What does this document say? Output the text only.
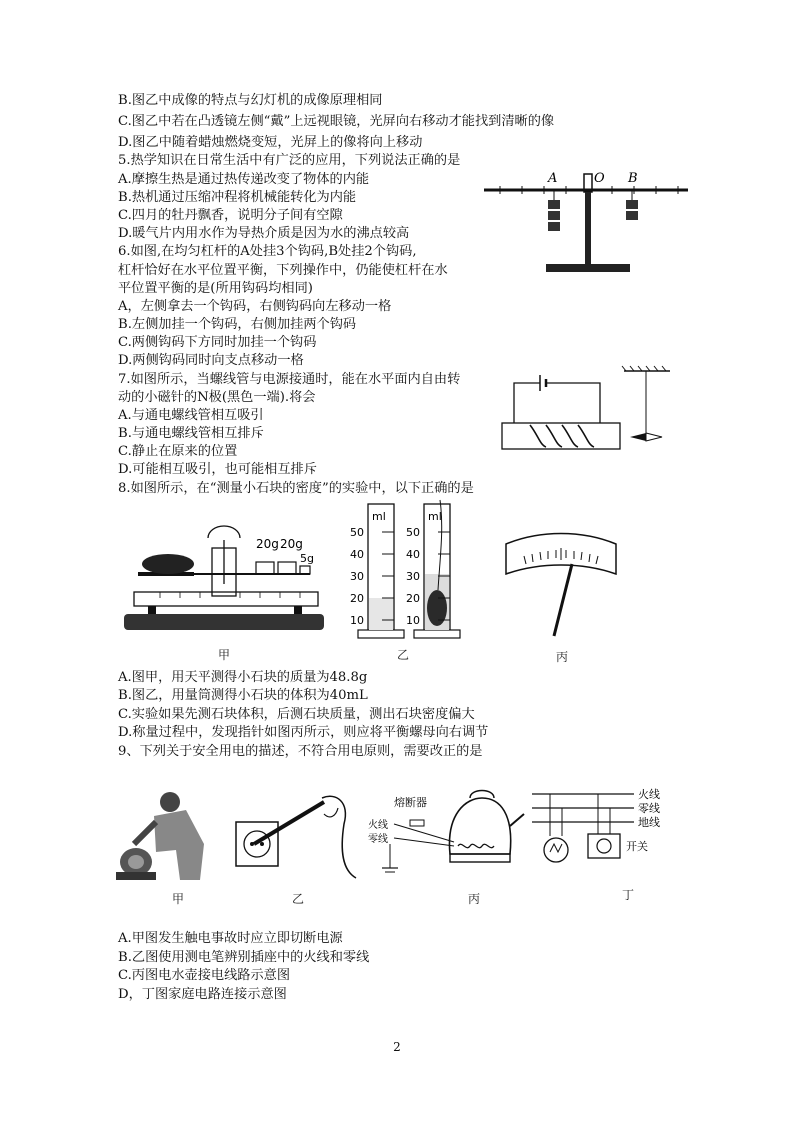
B.图乙中成像的特点与幻灯机的成像原理相同
C.图乙中若在凸透镜左侧“戴”上远视眼镜，光屏向右移动才能找到清晰的像
D.图乙中随着蜡烛燃烧变短，光屏上的像将向上移动
5.热学知识在日常生活中有广泛的应用，下列说法正确的是
A.摩擦生热是通过热传递改变了物体的内能
B.热机通过压缩冲程将机械能转化为内能
C.四月的牡丹飘香，说明分子间有空隙
D.暖气片内用水作为导热介质是因为水的沸点较高
6.如图,在均匀杠杆的A处挂3个钩码,B处挂2个钩码,
杠杆恰好在水平位置平衡，下列操作中，仍能使杠杆在水
平位置平衡的是(所用钩码均相同)
A，左侧拿去一个钩码，右侧钩码向左移动一格
B.左侧加挂一个钩码，右侧加挂两个钩码
C.两侧钩码下方同时加挂一个钩码
D.两侧钩码同时向支点移动一格
7.如图所示，当螺线管与电源接通时，能在水平面内自由转
动的小磁针的N极(黑色一端).将会
A.与通电螺线管相互吸引
B.与通电螺线管相互排斥
C.静止在原来的位置
D.可能相互吸引，也可能相互排斥
8.如图所示，在“测量小石块的密度”的实验中，以下正确的是
A.图甲，用天平测得小石块的质量为48.8g
B.图乙，用量筒测得小石块的体积为40mL
C.实验如果先测石块体积，后测石块质量，测出石块密度偏大
D.称量过程中，发现指针如图丙所示，则应将平衡螺母向右调节
9、下列关于安全用电的描述，不符合用电原则，需要改正的是
A.甲图发生触电事故时应立即切断电源
B.乙图使用测电笔辨别插座中的火线和零线
C.丙图电水壶接电线路示意图
D，丁图家庭电路连接示意图
A	O B
20g 20g
5g
甲
ml	ml
50
40
30
20
10
50
40
30
20
10
乙	丙
甲	乙
熔断器
火线
零线
丙
火线
零线
地线
开关
丁
2
